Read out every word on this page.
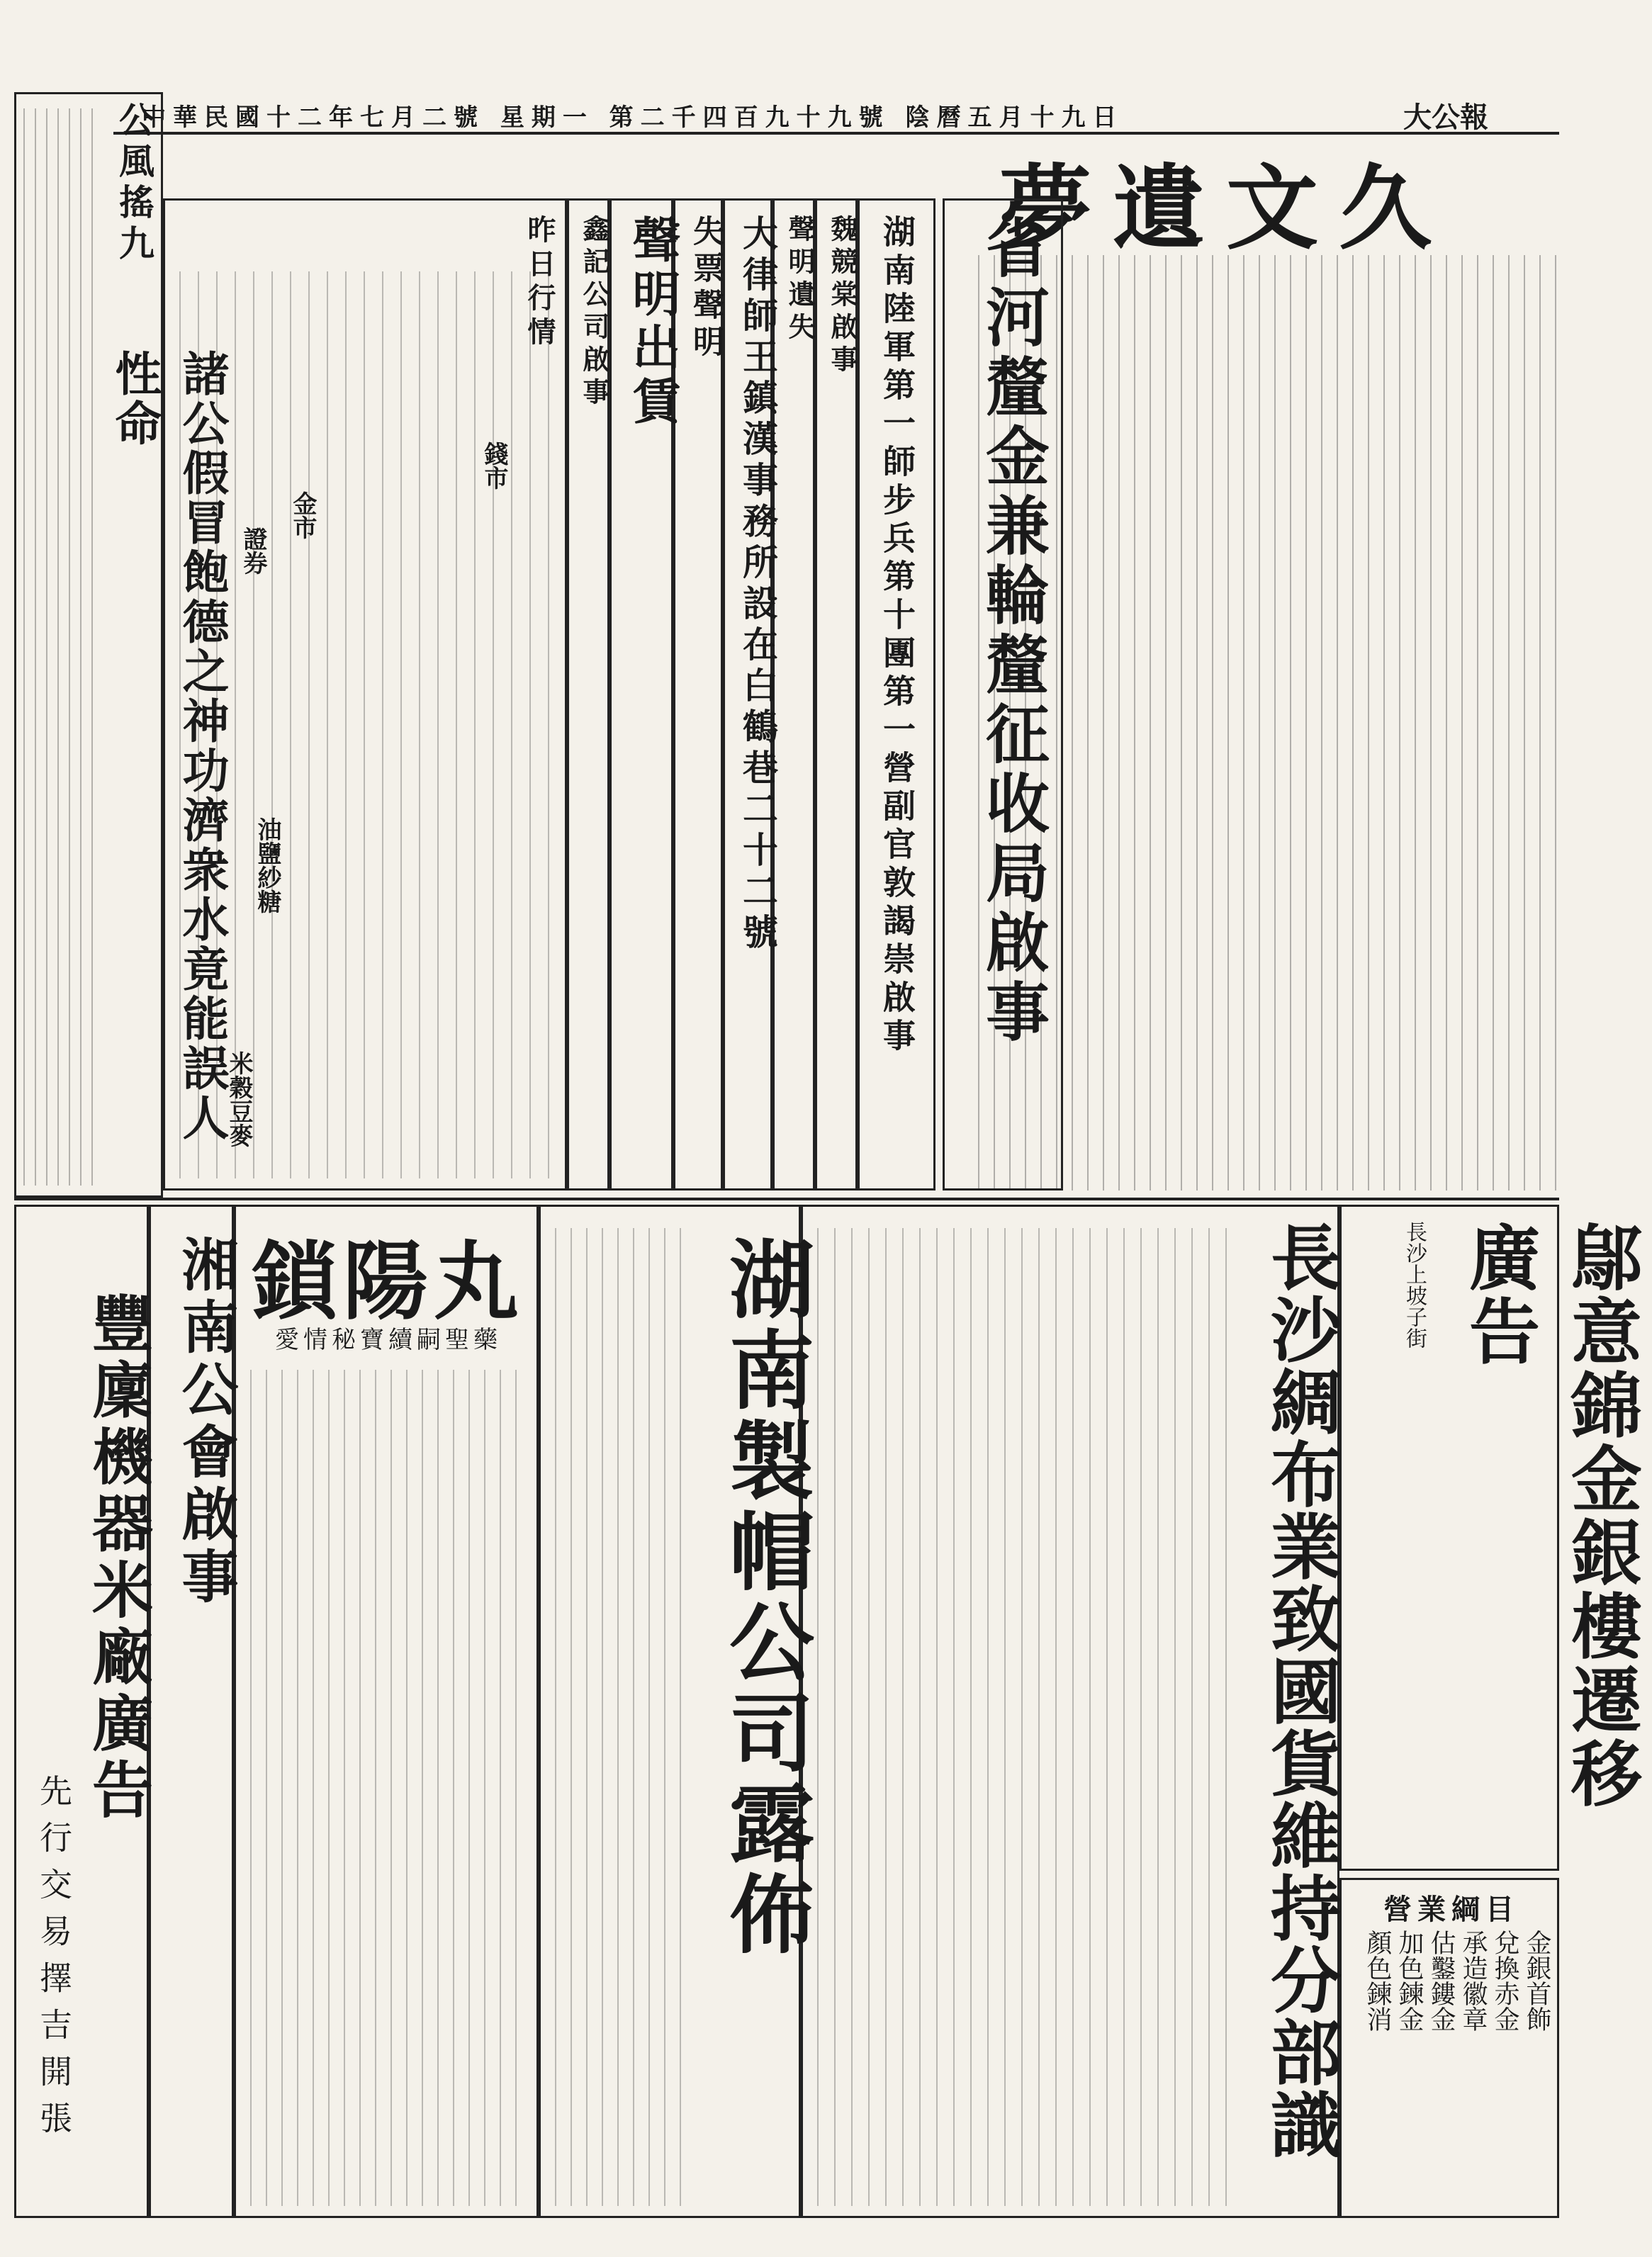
中華民國十二年七月二號 星期一 第二千四百九十九號 陰曆五月十九日	大公報
公風搖九
諸公假冒飽德之神功濟衆水竟能誤人性命
夢遺文久
省河釐金兼輪釐征收局啟事
湖南陸軍第一師步兵第十團第一營副官敦謁崇啟事
魏競棠啟事
聲明遺失
大律師王鎮漢事務所設在白鶴巷二十二號
失票聲明
聲明出賃
鑫記公司啟事
昨日行情
錢市
金市
證券
油鹽紗糖
米穀豆麥
鄔意錦金銀樓遷移廣告
長沙上坡子街
營業綱目
金銀首飾
兌換赤金
承造徽章
估鑿鏤金
加色鍊金
顏色鍊消
長沙綢布業致國貨維持分部識
湖南製帽公司露佈
鎖陽丸
愛情秘寶續嗣聖藥
湘南公會啟事
豐廩機器米廠廣告
先行交易擇吉開張
